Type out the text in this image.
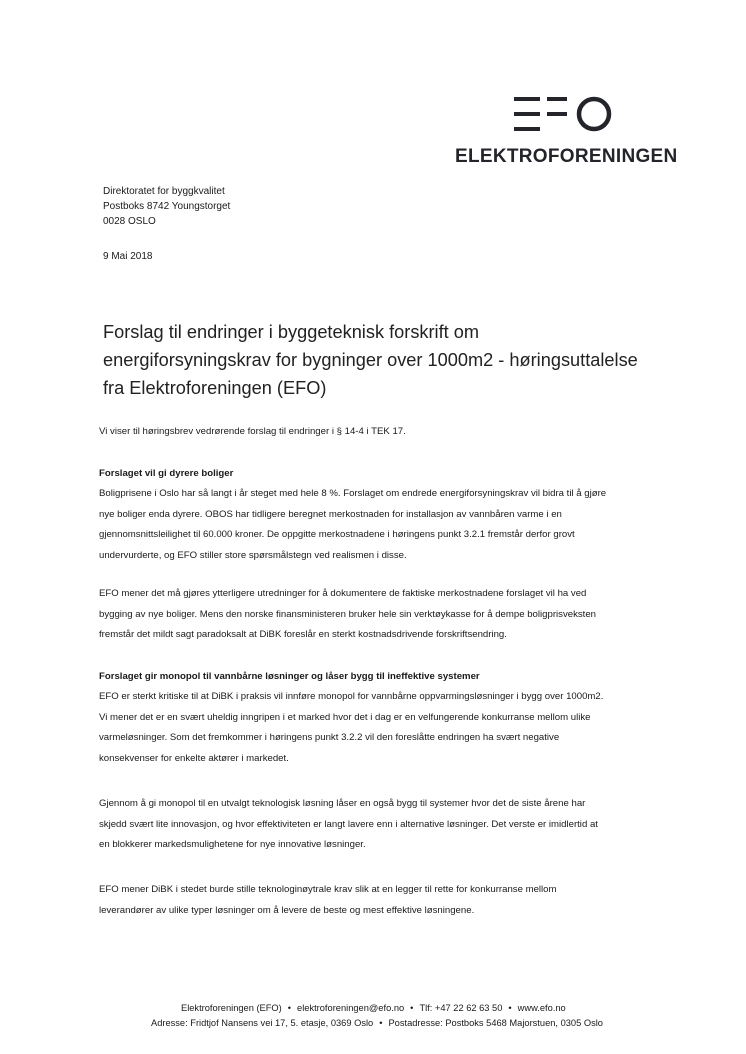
ELEKTROFORENINGEN
Direktoratet for byggkvalitet
Postboks 8742 Youngstorget
0028 OSLO
9 Mai 2018
Forslag til endringer i byggeteknisk forskrift om
energiforsyningskrav for bygninger over 1000m2 - høringsuttalelse
fra Elektroforeningen (EFO)
Vi viser til høringsbrev vedrørende forslag til endringer i § 14-4 i TEK 17.
Forslaget vil gi dyrere boliger
Boligprisene i Oslo har så langt i år steget med hele 8 %. Forslaget om endrede energiforsyningskrav vil bidra til å gjøre
nye boliger enda dyrere. OBOS har tidligere beregnet merkostnaden for installasjon av vannbåren varme i en
gjennomsnittsleilighet til 60.000 kroner. De oppgitte merkostnadene i høringens punkt 3.2.1 fremstår derfor grovt
undervurderte, og EFO stiller store spørsmålstegn ved realismen i disse.
EFO mener det må gjøres ytterligere utredninger for å dokumentere de faktiske merkostnadene forslaget vil ha ved
bygging av nye boliger. Mens den norske finansministeren bruker hele sin verktøykasse for å dempe boligprisveksten
fremstår det mildt sagt paradoksalt at DiBK foreslår en sterkt kostnadsdrivende forskriftsendring.
Forslaget gir monopol til vannbårne løsninger og låser bygg til ineffektive systemer
EFO er sterkt kritiske til at DiBK i praksis vil innføre monopol for vannbårne oppvarmingsløsninger i bygg over 1000m2.
Vi mener det er en svært uheldig inngripen i et marked hvor det i dag er en velfungerende konkurranse mellom ulike
varmeløsninger. Som det fremkommer i høringens punkt 3.2.2 vil den foreslåtte endringen ha svært negative
konsekvenser for enkelte aktører i markedet.
Gjennom å gi monopol til en utvalgt teknologisk løsning låser en også bygg til systemer hvor det de siste årene har
skjedd svært lite innovasjon, og hvor effektiviteten er langt lavere enn i alternative løsninger. Det verste er imidlertid at
en blokkerer markedsmulighetene for nye innovative løsninger.
EFO mener DiBK i stedet burde stille teknologinøytrale krav slik at en legger til rette for konkurranse mellom
leverandører av ulike typer løsninger om å levere de beste og mest effektive løsningene.
Elektroforeningen (EFO) • elektroforeningen@efo.no • Tlf: +47 22 62 63 50 • www.efo.no
Adresse: Fridtjof Nansens vei 17, 5. etasje, 0369 Oslo • Postadresse: Postboks 5468 Majorstuen, 0305 Oslo
